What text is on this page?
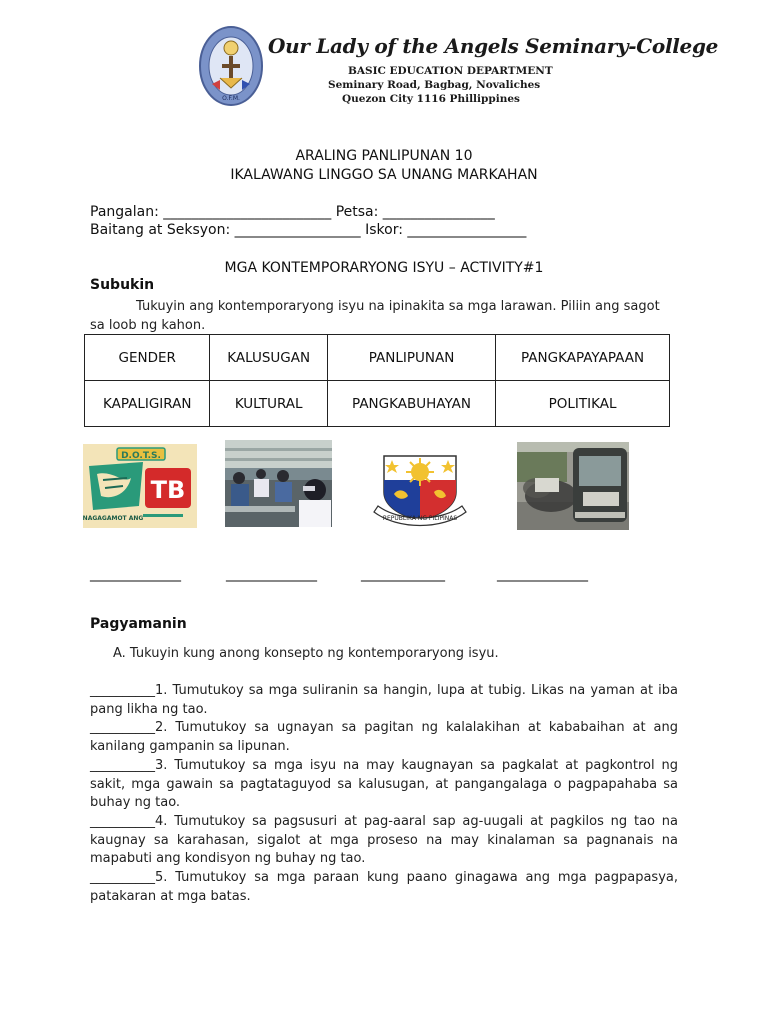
O.F.M.
Our Lady of the Angels Seminary-College
BASIC EDUCATION DEPARTMENT
Seminary Road, Bagbag, Novaliches
Quezon City 1116 Phillippines
ARALING PANLIPUNAN 10
IKALAWANG LINGGO SA UNANG MARKAHAN
Pangalan: ________________________ Petsa: ________________
Baitang at Seksyon: __________________ Iskor: _________________
MGA KONTEMPORARYONG ISYU – ACTIVITY#1
Subukin
Tukuyin ang kontemporaryong isyu na ipinakita sa mga larawan. Piliin ang sagot sa loob ng kahon.
GENDER	KALUSUGAN	PANLIPUNAN	PANGKAPAYAPAAN
KAPALIGIRAN	KULTURAL	PANGKABUHAYAN	POLITIKAL
D.O.T.S.
TB
NAGAGAMOT ANG	REPUBLIKA NG PILIPINAS
_____________	_____________	____________	_____________
Pagyamanin
A. Tukuyin kung anong konsepto ng kontemporaryong isyu.

__________1. Tumutukoy sa mga suliranin sa hangin, lupa at tubig. Likas na yaman at iba pang likha ng tao.

__________2. Tumutukoy sa ugnayan sa pagitan ng kalalakihan at kababaihan at ang kanilang gampanin sa lipunan.

__________3. Tumutukoy sa mga isyu na may kaugnayan sa pagkalat at pagkontrol ng sakit, mga gawain sa pagtataguyod sa kalusugan, at pangangalaga o pagpapahaba sa buhay ng tao.

__________4. Tumutukoy sa pagsusuri at pag-aaral sap ag-uugali at pagkilos ng tao na kaugnay sa karahasan, sigalot at mga proseso na may kinalaman sa pagnanais na mapabuti ang kondisyon ng buhay ng tao.

__________5. Tumutukoy sa mga paraan kung paano ginagawa ang mga pagpapasya, patakaran at mga batas.
